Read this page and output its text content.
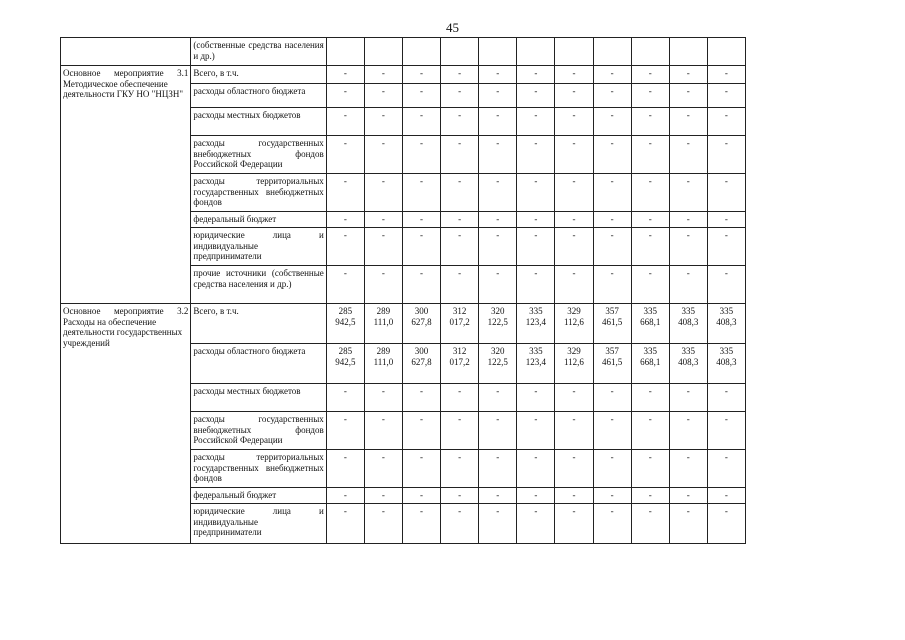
45
	(собственные средства населения и др.)											

Основное мероприятие 3.1
Методическое обеспечение деятельности ГКУ НО "НЦЗН"	Всего, в т.ч.	-	-	-	-	-	-	-	-	-	-	-
	расходы областного бюджета	-	-	-	-	-	-	-	-	-	-	-
	расходы местных бюджетов	-	-	-	-	-	-	-	-	-	-	-
	расходы государственных внебюджетных фондов Российской Федерации	-	-	-	-	-	-	-	-	-	-	-
	расходы территориальных государственных внебюджетных фондов	-	-	-	-	-	-	-	-	-	-	-
	федеральный бюджет	-	-	-	-	-	-	-	-	-	-	-
	юридические лица и индивидуальные предприниматели	-	-	-	-	-	-	-	-	-	-	-
	прочие источники (собственные средства населения и др.)	-	-	-	-	-	-	-	-	-	-	-

Основное мероприятие 3.2
Расходы на обеспечение деятельности государственных учреждений	Всего, в т.ч.	285 942,5	289 111,0	300 627,8	312 017,2	320 122,5	335 123,4	329 112,6	357 461,5	335 668,1	335 408,3	335 408,3
	расходы областного бюджета	285 942,5	289 111,0	300 627,8	312 017,2	320 122,5	335 123,4	329 112,6	357 461,5	335 668,1	335 408,3	335 408,3
	расходы местных бюджетов	-	-	-	-	-	-	-	-	-	-	-
	расходы государственных внебюджетных фондов Российской Федерации	-	-	-	-	-	-	-	-	-	-	-
	расходы территориальных государственных внебюджетных фондов	-	-	-	-	-	-	-	-	-	-	-
	федеральный бюджет	-	-	-	-	-	-	-	-	-	-	-
	юридические лица и индивидуальные предприниматели	-	-	-	-	-	-	-	-	-	-	-
